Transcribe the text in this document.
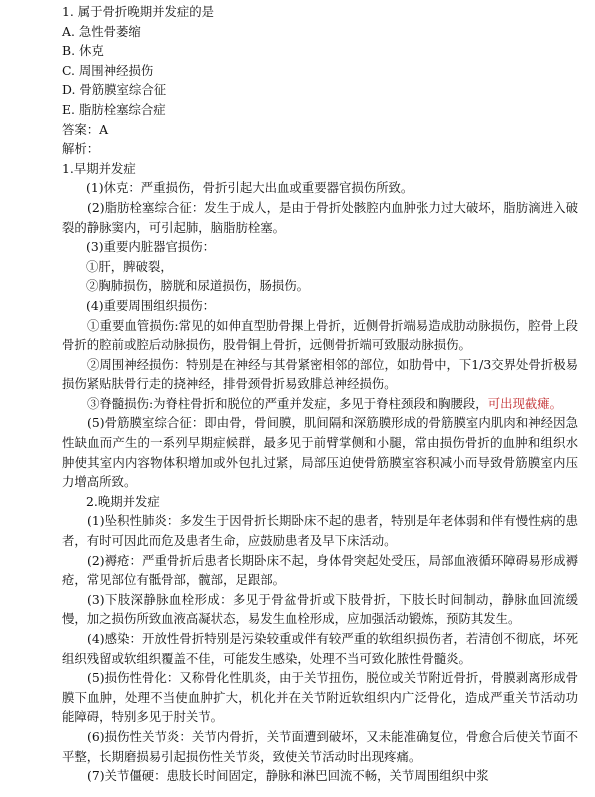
1. 属于骨折晚期并发症的是
A. 急性骨萎缩
B. 休克
C. 周围神经损伤
D. 骨筋膜室综合征
E. 脂肪栓塞综合症
答案：A
解析：
1.早期并发症
(1)休克：严重损伤，骨折引起大出血或重要器官损伤所致。
(2)脂肪栓塞综合征：发生于成人，是由于骨折处骸腔内血肿张力过大破坏，脂肪滴进入破裂的静脉窦内，可引起肺，脑脂肪栓塞。
(3)重要内脏器官损伤：
①肝，脾破裂，
②胸肺损伤，膀胱和尿道损伤，肠损伤。
(4)重要周围组织损伤：
①重要血管损伤:常见的如伸直型肋骨捰上骨折，近侧骨折端易造成肋动脉损伤，腔骨上段骨折的腔前或腔后动脉损伤，股骨铜上骨折，远侧骨折端可致服动脉损伤。
②周围神经损伤：特别是在神经与其骨紧密相邻的部位，如肋骨中，下1/3交界处骨折极易损伤紧贴肤骨行走的挠神经，排骨颈骨折易致腓总神经损伤。
③脊髓损伤:为脊柱骨折和脱位的严重并发症，多见于脊柱颈段和胸腰段，可出现截瘫。
(5)骨筋膜室综合征：即由骨，骨间膜，肌间隔和深筋膜形成的骨筋膜室内肌肉和神经因急性缺血而产生的一系列早期症候群，最多见于前臂掌侧和小腿，常由损伤骨折的血肿和组织水肿使其室内内容物体积增加或外包扎过紧，局部压迫使骨筋膜室容积减小而导致骨筋膜室内压力增高所致。
2.晚期并发症
(1)坠积性肺炎：多发生于因骨折长期卧床不起的患者，特别是年老体弱和伴有慢性病的患者，有时可因此而危及患者生命，应鼓励患者及早下床活动。
(2)褥疮：严重骨折后患者长期卧床不起，身体骨突起处受压，局部血液循环障碍易形成褥疮，常见部位有骶骨部，髋部，足跟部。
(3)下肢深静脉血栓形成：多见于骨盆骨折或下肢骨折，下肢长时间制动，静脉血回流缓慢，加之损伤所致血液高凝状态，易发生血栓形成，应加强活动锻炼，预防其发生。
(4)感染：开放性骨折特别是污染较重或伴有较严重的软组织损伤者，若清创不彻底，坏死组织残留或软组织覆盖不佳，可能发生感染，处理不当可致化脓性骨髓炎。
(5)损伤性骨化：又称骨化性肌炎，由于关节扭伤，脱位或关节附近骨折，骨膜剥离形成骨膜下血肿，处理不当使血肿扩大，机化并在关节附近软组织内广泛骨化，造成严重关节活动功能障碍，特别多见于肘关节。
(6)损伤性关节炎：关节内骨折，关节面遭到破坏，又未能准确复位，骨愈合后使关节面不平整，长期磨损易引起损伤性关节炎，致使关节活动时出现疼痛。
(7)关节僵硬：患肢长时间固定，静脉和淋巴回流不畅，关节周围组织中浆
